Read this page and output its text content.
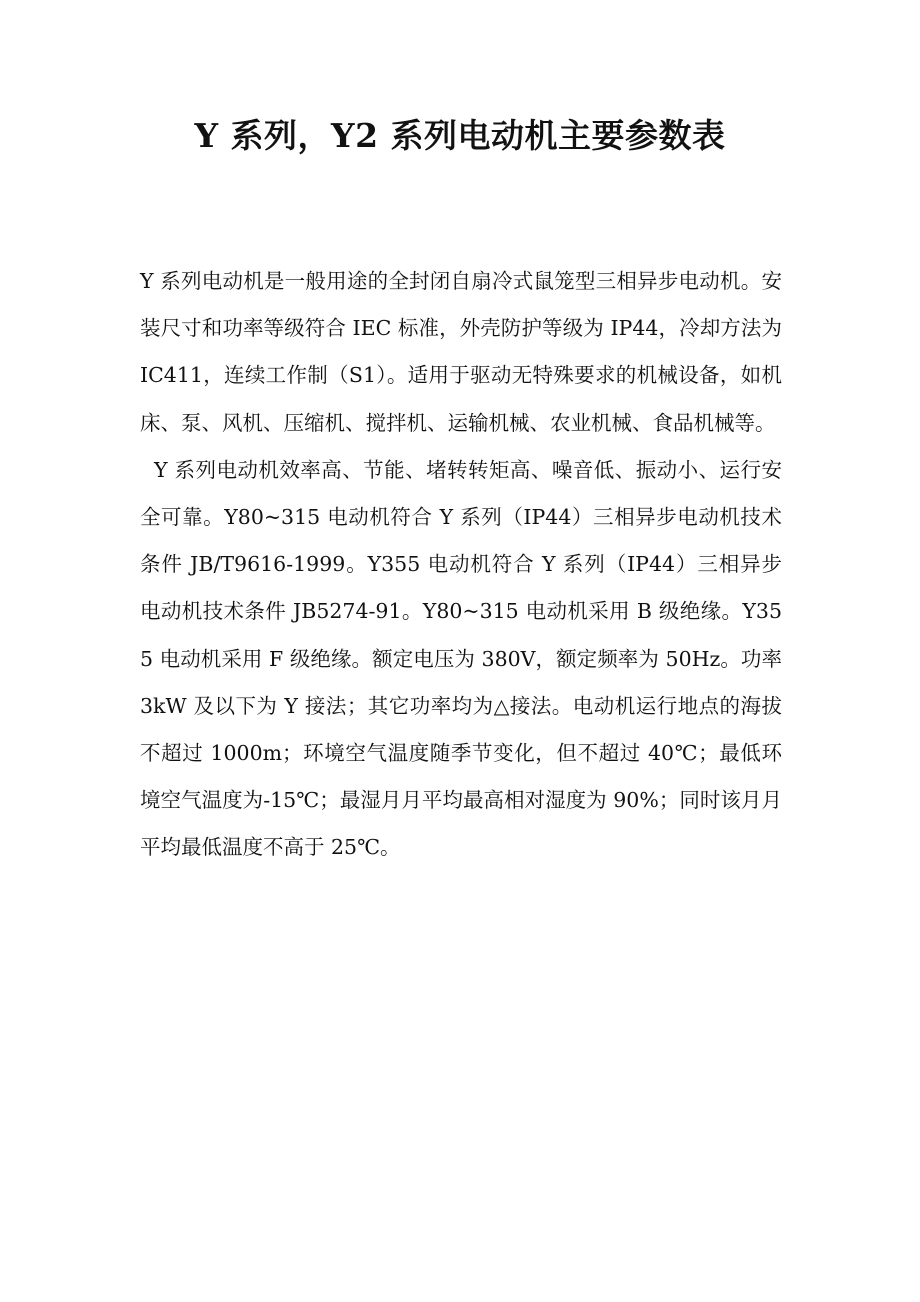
Y 系列，Y2 系列电动机主要参数表

Y 系列电动机是一般用途的全封闭自扇冷式鼠笼型三相异步电动机。安装尺寸和功率等级符合 IEC 标准，外壳防护等级为 IP44，冷却方法为 IC411，连续工作制（S1）。适用于驱动无特殊要求的机械设备，如机床、泵、风机、压缩机、搅拌机、运输机械、农业机械、食品机械等。

Y 系列电动机效率高、节能、堵转转矩高、噪音低、振动小、运行安全可靠。Y80~315 电动机符合 Y 系列（IP44）三相异步电动机技术条件 JB/T9616-1999。Y355 电动机符合 Y 系列（IP44）三相异步电动机技术条件 JB5274-91。Y80~315 电动机采用 B 级绝缘。Y355 电动机采用 F 级绝缘。额定电压为 380V，额定频率为 50Hz。功率 3kW 及以下为 Y 接法；其它功率均为△接法。电动机运行地点的海拔不超过 1000m；环境空气温度随季节变化，但不超过 40℃；最低环境空气温度为-15℃；最湿月月平均最高相对湿度为 90%；同时该月月平均最低温度不高于 25℃。
